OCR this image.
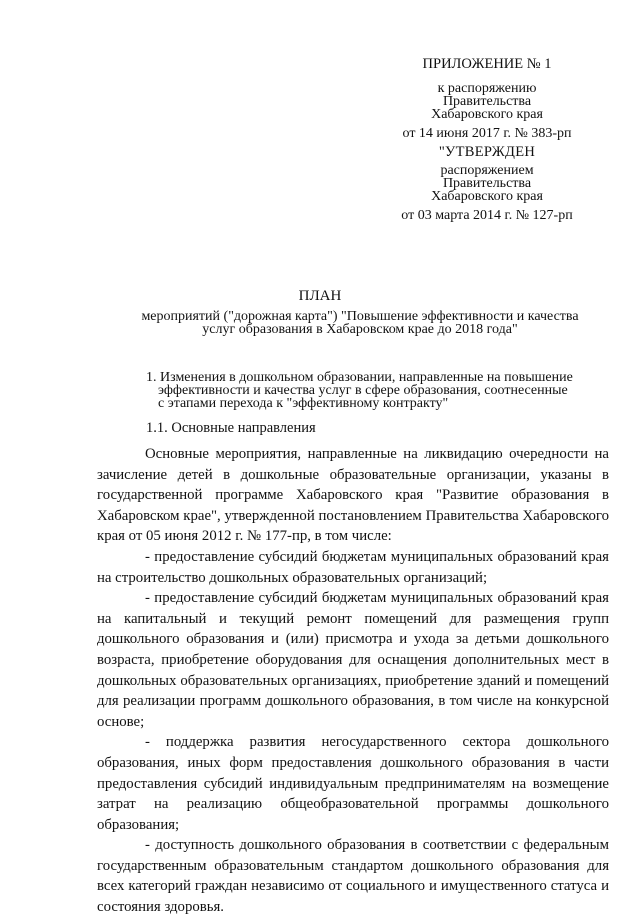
ПРИЛОЖЕНИЕ № 1
к распоряжению
Правительства
Хабаровского края
от 14 июня 2017 г. № 383-рп
"УТВЕРЖДЕН
распоряжением
Правительства
Хабаровского края
от 03 марта 2014 г. № 127-рп
ПЛАН
мероприятий ("дорожная карта") "Повышение эффективности и качества
услуг образования в Хабаровском крае до 2018 года"
1. Изменения в дошкольном образовании, направленные на повышение
эффективности и качества услуг в сфере образования, соотнесенные
с этапами перехода к "эффективному контракту"
1.1. Основные направления

Основные мероприятия, направленные на ликвидацию очередности на зачисление детей в дошкольные образовательные организации, указаны в государственной программе Хабаровского края "Развитие образования в Хабаровском крае", утвержденной постановлением Правительства Хабаровского края от 05 июня 2012 г. № 177-пр, в том числе:

- предоставление субсидий бюджетам муниципальных образований края на строительство дошкольных образовательных организаций;

- предоставление субсидий бюджетам муниципальных образований края на капитальный и текущий ремонт помещений для размещения групп дошкольного образования и (или) присмотра и ухода за детьми дошкольного возраста, приобретение оборудования для оснащения дополнительных мест в дошкольных образовательных организациях, приобретение зданий и помещений для реализации программ дошкольного образования, в том числе на конкурсной основе;

- поддержка развития негосударственного сектора дошкольного образования, иных форм предоставления дошкольного образования в части предоставления субсидий индивидуальным предпринимателям на возмещение затрат на реализацию общеобразовательной программы дошкольного образования;

- доступность дошкольного образования в соответствии с федеральным государственным образовательным стандартом дошкольного образования для всех категорий граждан независимо от социального и имущественного статуса и состояния здоровья.
